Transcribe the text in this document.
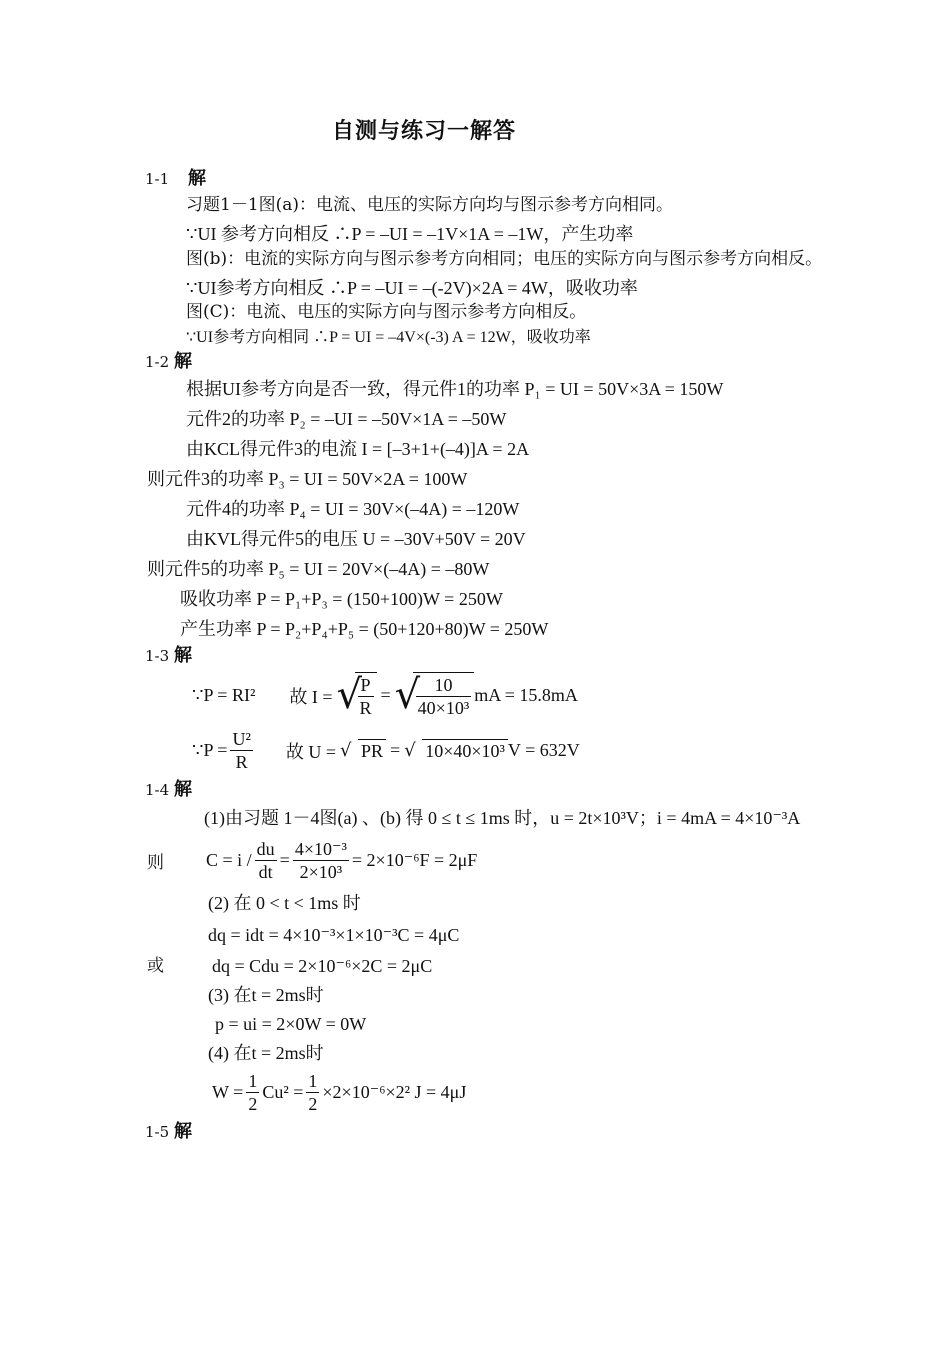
自测与练习一解答
1-1 解
习题1－1图(a)：电流、电压的实际方向均与图示参考方向相同。
∵UI 参考方向相反 ∴P = –UI = –1V×1A = –1W，产生功率
图(b)：电流的实际方向与图示参考方向相同；电压的实际方向与图示参考方向相反。
∵UI参考方向相反 ∴P = –UI = –(-2V)×2A = 4W，吸收功率
图(C)：电流、电压的实际方向与图示参考方向相反。
∵UI参考方向相同 ∴P = UI = –4V×(-3) A = 12W，吸收功率
1-2 解
根据UI参考方向是否一致，得元件1的功率 P₁ = UI = 50V×3A = 150W
元件2的功率 P₂ = –UI = –50V×1A = –50W
由KCL得元件3的电流 I = [–3+1+(–4)]A = 2A
则元件3的功率 P₃ = UI = 50V×2A = 100W
元件4的功率 P₄ = UI = 30V×(–4A) = –120W
由KVL得元件5的电压 U = –30V+50V = 20V
则元件5的功率 P₅ = UI = 20V×(–4A) = –80W
吸收功率 P = P₁+P₃ = (150+100)W = 250W
产生功率 P = P₂+P₄+P₅ = (50+120+80)W = 250W
1-3 解
∵P = RI² 故 I = √
$\frac{P}{R}$ = √
$\frac{10}{\text{40×10³}}$ mA = 15.8mA
∵P = $\frac{\text{U²}}{R}$ 故 U = √ PR = √ 10×40×10³ V = 632V
1-4 解
(1)由习题 1－4图(a) 、(b) 得 0 ≤ t ≤ 1ms 时，u = 2t×10³V；i = 4mA = 4×10⁻³A
则 $C = i / \frac{du}{dt} = \frac{\text{4×10⁻³}}{\text{2×10³}} = 2\times 10^{-6}F = 2\mu F$
(2) 在 0 < t < 1ms 时
dq = idt = 4×10⁻³×1×10⁻³C = 4μC
或	dq = Cdu = 2×10⁻⁶×2C = 2μC
(3) 在t = 2ms时
p = ui = 2×0W = 0W
(4) 在t = 2ms时
$W = \frac{1}{2} Cu^2 = \frac{1}{2} \times 2\times 10^{-6}\times 2^2$ J = 4μJ
1-5 解
